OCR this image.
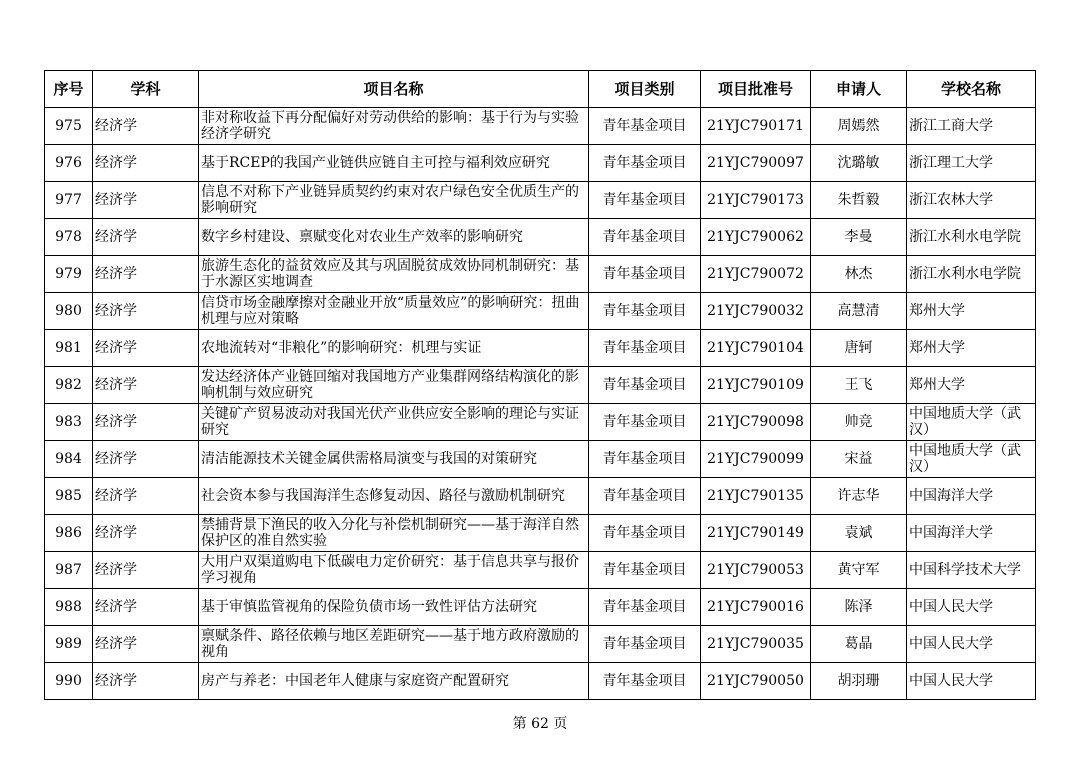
序号	学科	项目名称	项目类别	项目批准号	申请人	学校名称
975	经济学	非对称收益下再分配偏好对劳动供给的影响：基于行为与实验经济学研究	青年基金项目	21YJC790171	周嫣然	浙江工商大学
976	经济学	基于RCEP的我国产业链供应链自主可控与福利效应研究	青年基金项目	21YJC790097	沈璐敏	浙江理工大学
977	经济学	信息不对称下产业链异质契约约束对农户绿色安全优质生产的影响研究	青年基金项目	21YJC790173	朱哲毅	浙江农林大学
978	经济学	数字乡村建设、禀赋变化对农业生产效率的影响研究	青年基金项目	21YJC790062	李曼	浙江水利水电学院
979	经济学	旅游生态化的益贫效应及其与巩固脱贫成效协同机制研究：基于水源区实地调查	青年基金项目	21YJC790072	林杰	浙江水利水电学院
980	经济学	信贷市场金融摩擦对金融业开放“质量效应”的影响研究：扭曲机理与应对策略	青年基金项目	21YJC790032	高慧清	郑州大学
981	经济学	农地流转对“非粮化”的影响研究：机理与实证	青年基金项目	21YJC790104	唐轲	郑州大学
982	经济学	发达经济体产业链回缩对我国地方产业集群网络结构演化的影响机制与效应研究	青年基金项目	21YJC790109	王飞	郑州大学
983	经济学	关键矿产贸易波动对我国光伏产业供应安全影响的理论与实证研究	青年基金项目	21YJC790098	帅竞	中国地质大学（武汉）
984	经济学	清洁能源技术关键金属供需格局演变与我国的对策研究	青年基金项目	21YJC790099	宋益	中国地质大学（武汉）
985	经济学	社会资本参与我国海洋生态修复动因、路径与激励机制研究	青年基金项目	21YJC790135	许志华	中国海洋大学
986	经济学	禁捕背景下渔民的收入分化与补偿机制研究——基于海洋自然保护区的准自然实验	青年基金项目	21YJC790149	袁斌	中国海洋大学
987	经济学	大用户双渠道购电下低碳电力定价研究：基于信息共享与报价学习视角	青年基金项目	21YJC790053	黄守军	中国科学技术大学
988	经济学	基于审慎监管视角的保险负债市场一致性评估方法研究	青年基金项目	21YJC790016	陈泽	中国人民大学
989	经济学	禀赋条件、路径依赖与地区差距研究——基于地方政府激励的视角	青年基金项目	21YJC790035	葛晶	中国人民大学
990	经济学	房产与养老：中国老年人健康与家庭资产配置研究	青年基金项目	21YJC790050	胡羽珊	中国人民大学
第 62 页
